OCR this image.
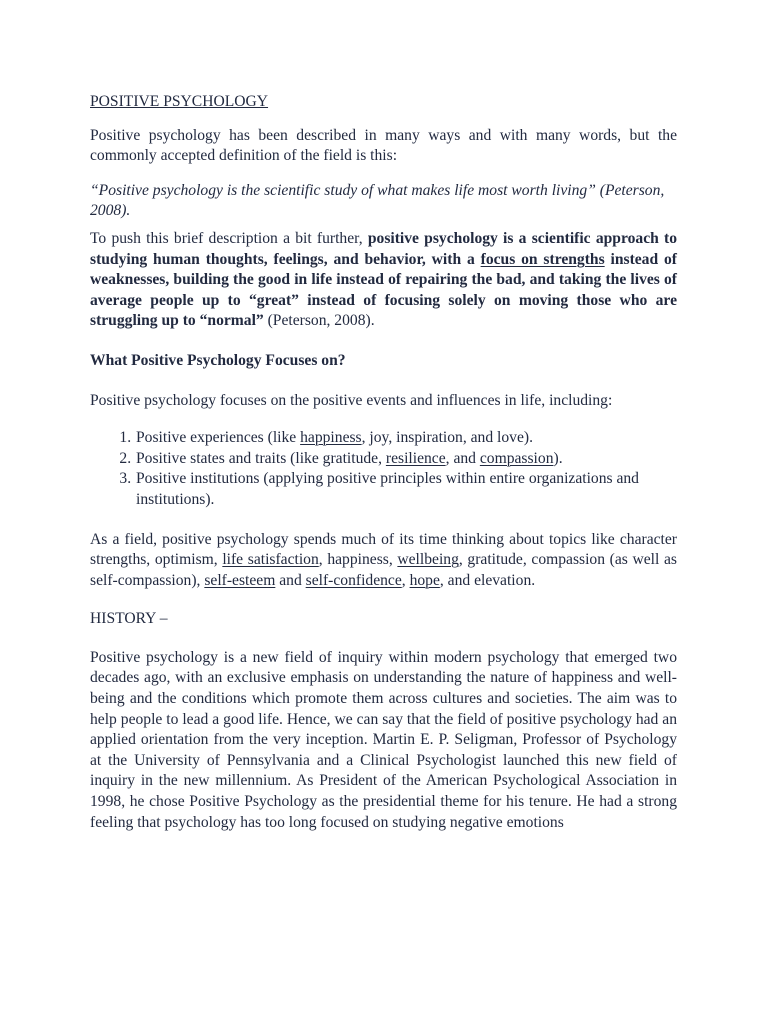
POSITIVE PSYCHOLOGY

Positive psychology has been described in many ways and with many words, but the commonly accepted definition of the field is this:

“Positive psychology is the scientific study of what makes life most worth living” (Peterson, 2008).

To push this brief description a bit further, positive psychology is a scientific approach to studying human thoughts, feelings, and behavior, with a focus on strengths instead of weaknesses, building the good in life instead of repairing the bad, and taking the lives of average people up to “great” instead of focusing solely on moving those who are struggling up to “normal” (Peterson, 2008).

What Positive Psychology Focuses on?

Positive psychology focuses on the positive events and influences in life, including:

1. Positive experiences (like happiness, joy, inspiration, and love).
2. Positive states and traits (like gratitude, resilience, and compassion).
3. Positive institutions (applying positive principles within entire organizations and institutions).

As a field, positive psychology spends much of its time thinking about topics like character strengths, optimism, life satisfaction, happiness, wellbeing, gratitude, compassion (as well as self-compassion), self-esteem and self-confidence, hope, and elevation.

HISTORY –

Positive psychology is a new field of inquiry within modern psychology that emerged two decades ago, with an exclusive emphasis on understanding the nature of happiness and well-being and the conditions which promote them across cultures and societies. The aim was to help people to lead a good life. Hence, we can say that the field of positive psychology had an applied orientation from the very inception. Martin E. P. Seligman, Professor of Psychology at the University of Pennsylvania and a Clinical Psychologist launched this new field of inquiry in the new millennium. As President of the American Psychological Association in 1998, he chose Positive Psychology as the presidential theme for his tenure. He had a strong feeling that psychology has too long focused on studying negative emotions
